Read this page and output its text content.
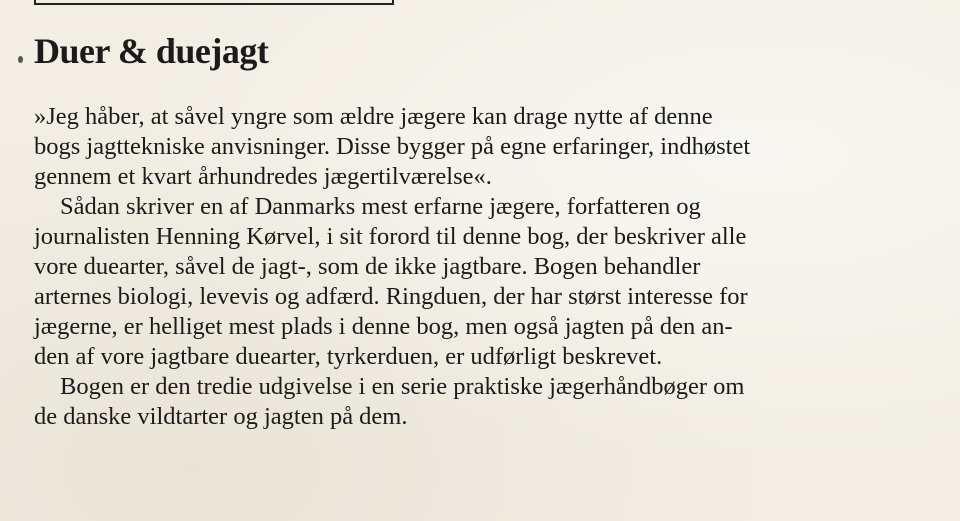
Duer & duejagt
»Jeg håber, at såvel yngre som ældre jægere kan drage nytte af denne
bogs jagttekniske anvisninger. Disse bygger på egne erfaringer, indhøstet
gennem et kvart århundredes jægertilværelse«.
Sådan skriver en af Danmarks mest erfarne jægere, forfatteren og
journalisten Henning Kørvel, i sit forord til denne bog, der beskriver alle
vore duearter, såvel de jagt-, som de ikke jagtbare. Bogen behandler
arternes biologi, levevis og adfærd. Ringduen, der har størst interesse for
jægerne, er helliget mest plads i denne bog, men også jagten på den an-
den af vore jagtbare duearter, tyrkerduen, er udførligt beskrevet.
Bogen er den tredie udgivelse i en serie praktiske jægerhåndbøger om
de danske vildtarter og jagten på dem.
